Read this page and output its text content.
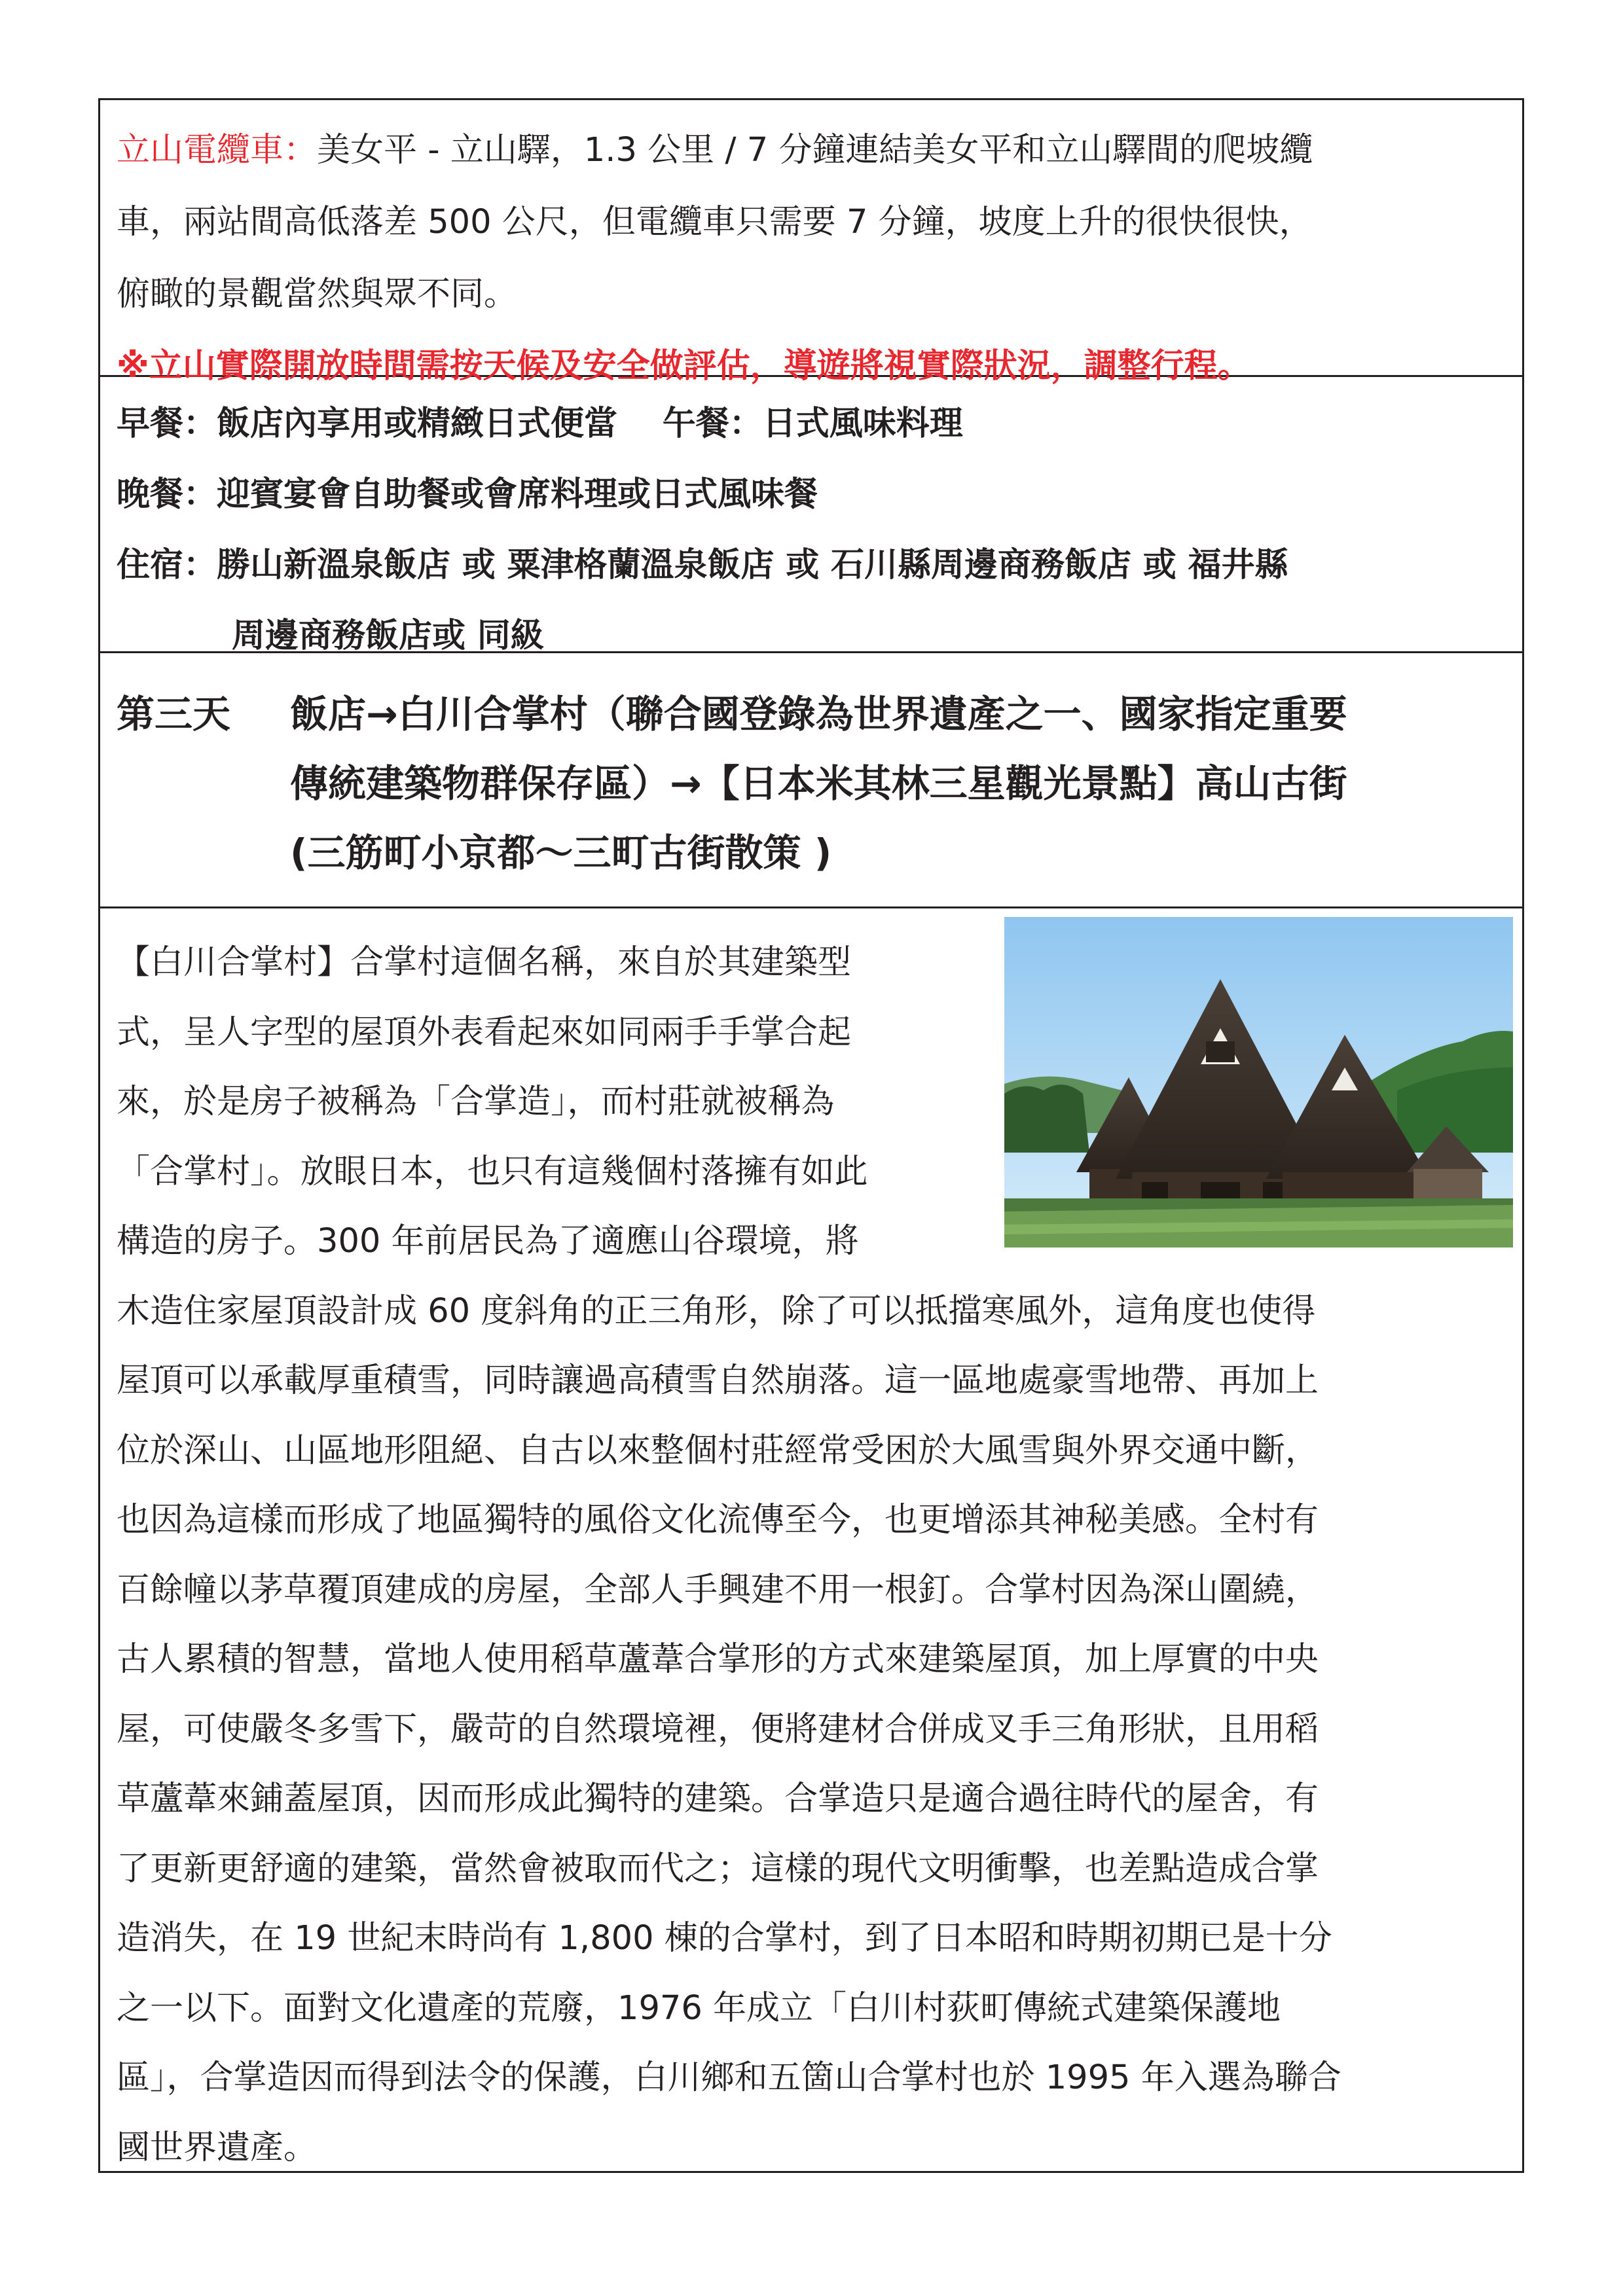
立山電纜車：美女平 - 立山驛，1.3 公里 / 7 分鐘連結美女平和立山驛間的爬坡纜

車，兩站間高低落差 500 公尺，但電纜車只需要 7 分鐘，坡度上升的很快很快，

俯瞰的景觀當然與眾不同。

※立山實際開放時間需按天候及安全做評估，導遊將視實際狀況，調整行程。

早餐：飯店內享用或精緻日式便當　 午餐：日式風味料理

晚餐：迎賓宴會自助餐或會席料理或日式風味餐

住宿：勝山新溫泉飯店 或 粟津格蘭溫泉飯店 或 石川縣周邊商務飯店 或 福井縣

周邊商務飯店或 同級

第三天 飯店→白川合掌村（聯合國登錄為世界遺產之一、國家指定重要
傳統建築物群保存區）→【日本米其林三星觀光景點】高山古街
(三筋町小京都～三町古街散策 )

【白川合掌村】合掌村這個名稱，來自於其建築型

式，呈人字型的屋頂外表看起來如同兩手手掌合起

來，於是房子被稱為「合掌造」，而村莊就被稱為

「合掌村」。放眼日本，也只有這幾個村落擁有如此

構造的房子。300 年前居民為了適應山谷環境，將

木造住家屋頂設計成 60 度斜角的正三角形，除了可以抵擋寒風外，這角度也使得

屋頂可以承載厚重積雪，同時讓過高積雪自然崩落。這一區地處豪雪地帶、再加上

位於深山、山區地形阻絕、自古以來整個村莊經常受困於大風雪與外界交通中斷，

也因為這樣而形成了地區獨特的風俗文化流傳至今，也更增添其神秘美感。全村有

百餘幢以茅草覆頂建成的房屋，全部人手興建不用一根釘。合掌村因為深山圍繞，

古人累積的智慧，當地人使用稻草蘆葦合掌形的方式來建築屋頂，加上厚實的中央

屋，可使嚴冬多雪下，嚴苛的自然環境裡，便將建材合併成叉手三角形狀，且用稻

草蘆葦來鋪蓋屋頂，因而形成此獨特的建築。合掌造只是適合過往時代的屋舍，有

了更新更舒適的建築，當然會被取而代之；這樣的現代文明衝擊，也差點造成合掌

造消失，在 19 世紀末時尚有 1,800 棟的合掌村，到了日本昭和時期初期已是十分

之一以下。面對文化遺產的荒廢，1976 年成立「白川村荻町傳統式建築保護地

區」，合掌造因而得到法令的保護，白川鄉和五箇山合掌村也於 1995 年入選為聯合

國世界遺產。
